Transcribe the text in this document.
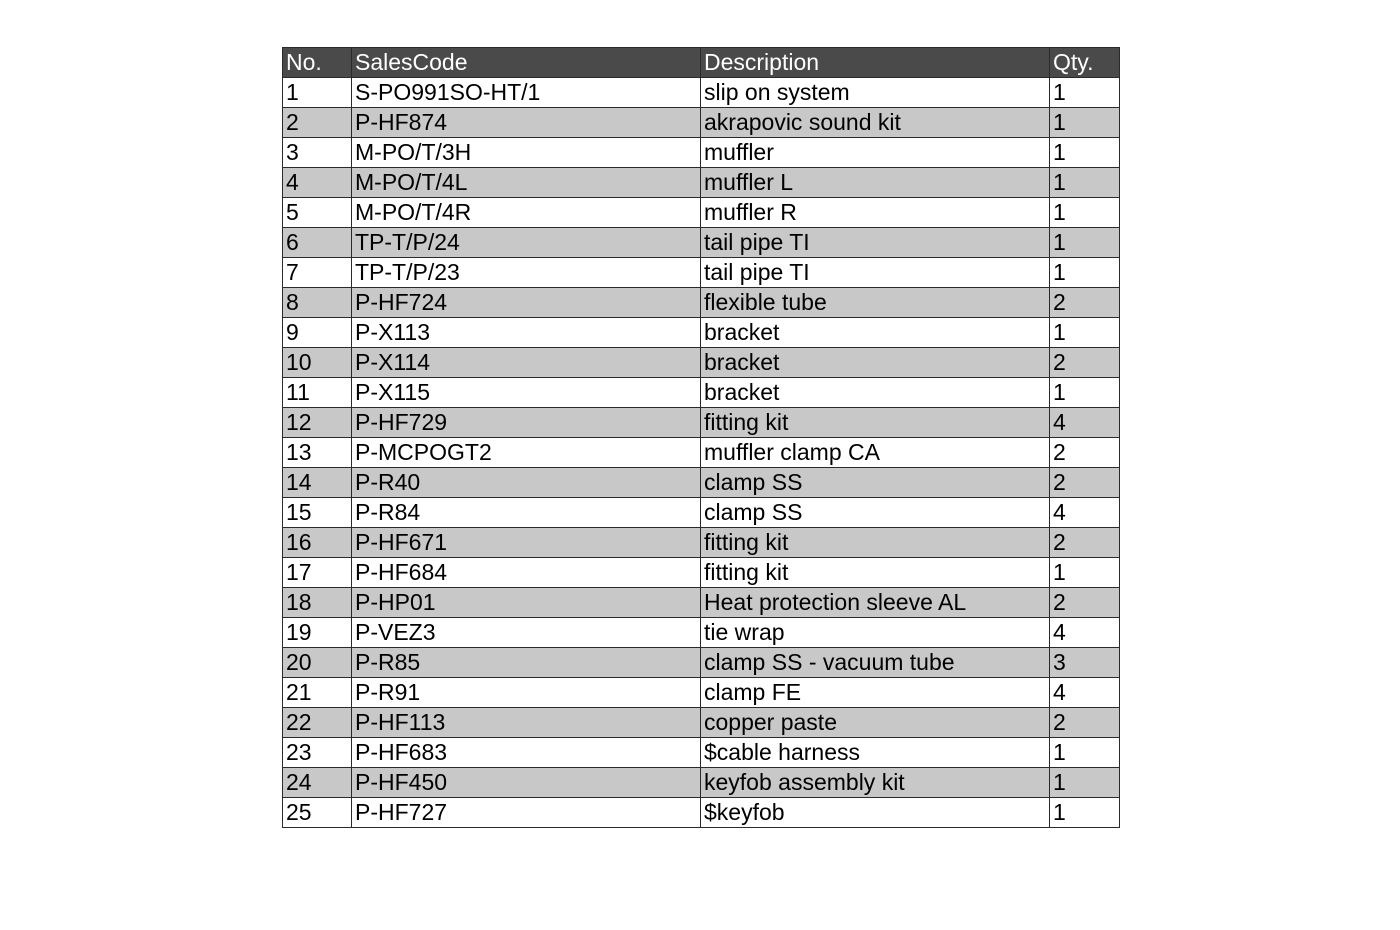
No.	SalesCode	Description	Qty.
1	S-PO991SO-HT/1	slip on system	1
2	P-HF874	akrapovic sound kit	1
3	M-PO/T/3H	muffler	1
4	M-PO/T/4L	muffler L	1
5	M-PO/T/4R	muffler R	1
6	TP-T/P/24	tail pipe TI	1
7	TP-T/P/23	tail pipe TI	1
8	P-HF724	flexible tube	2
9	P-X113	bracket	1
10	P-X114	bracket	2
11	P-X115	bracket	1
12	P-HF729	fitting kit	4
13	P-MCPOGT2	muffler clamp CA	2
14	P-R40	clamp SS	2
15	P-R84	clamp SS	4
16	P-HF671	fitting kit	2
17	P-HF684	fitting kit	1
18	P-HP01	Heat protection sleeve AL	2
19	P-VEZ3	tie wrap	4
20	P-R85	clamp SS - vacuum tube	3
21	P-R91	clamp FE	4
22	P-HF113	copper paste	2
23	P-HF683	$cable harness	1
24	P-HF450	keyfob assembly kit	1
25	P-HF727	$keyfob	1
